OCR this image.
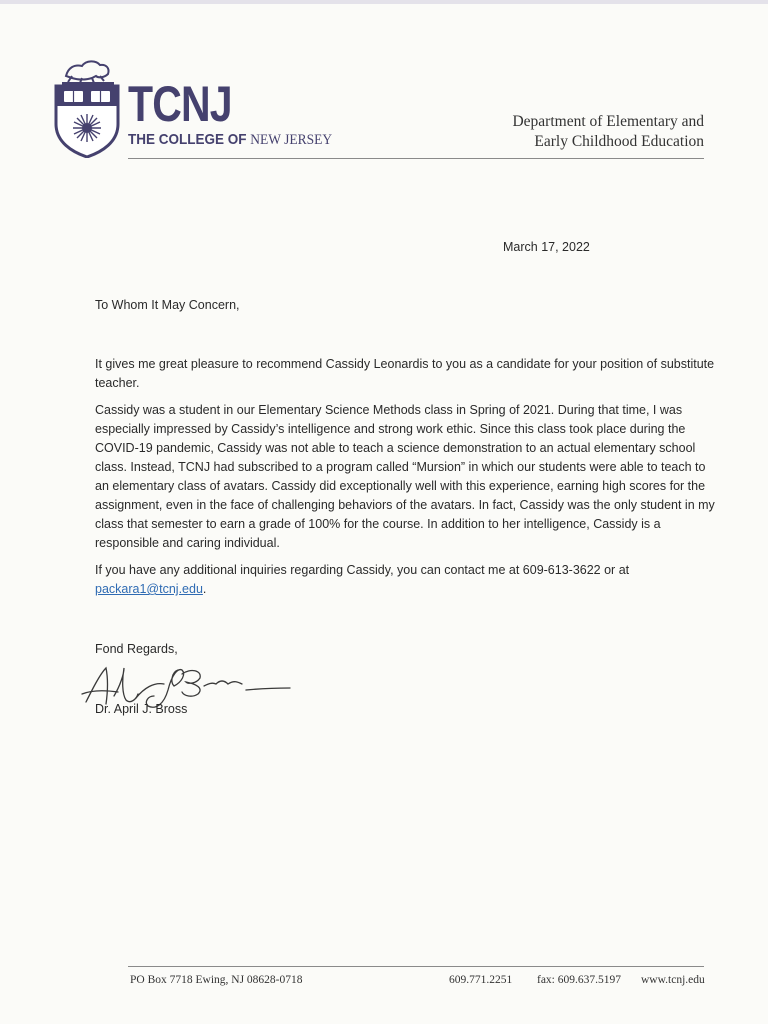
TCNJ
THE COLLEGE OF NEW JERSEY
Department of Elementary and
Early Childhood Education
March 17, 2022
To Whom It May Concern,

It gives me great pleasure to recommend Cassidy Leonardis to you as a candidate for your position of substitute teacher.

Cassidy was a student in our Elementary Science Methods class in Spring of 2021. During that time, I was especially impressed by Cassidy’s intelligence and strong work ethic. Since this class took place during the COVID-19 pandemic, Cassidy was not able to teach a science demonstration to an actual elementary school class. Instead, TCNJ had subscribed to a program called “Mursion” in which our students were able to teach to an elementary class of avatars. Cassidy did exceptionally well with this experience, earning high scores for the assignment, even in the face of challenging behaviors of the avatars. In fact, Cassidy was the only student in my class that semester to earn a grade of 100% for the course. In addition to her intelligence, Cassidy is a responsible and caring individual.

If you have any additional inquiries regarding Cassidy, you can contact me at 609-613-3622 or at packara1@tcnj.edu.

Fond Regards,
Dr. April J. Bross
PO Box 7718 Ewing, NJ 08628-0718	609.771.2251 fax: 609.637.5197 www.tcnj.edu
